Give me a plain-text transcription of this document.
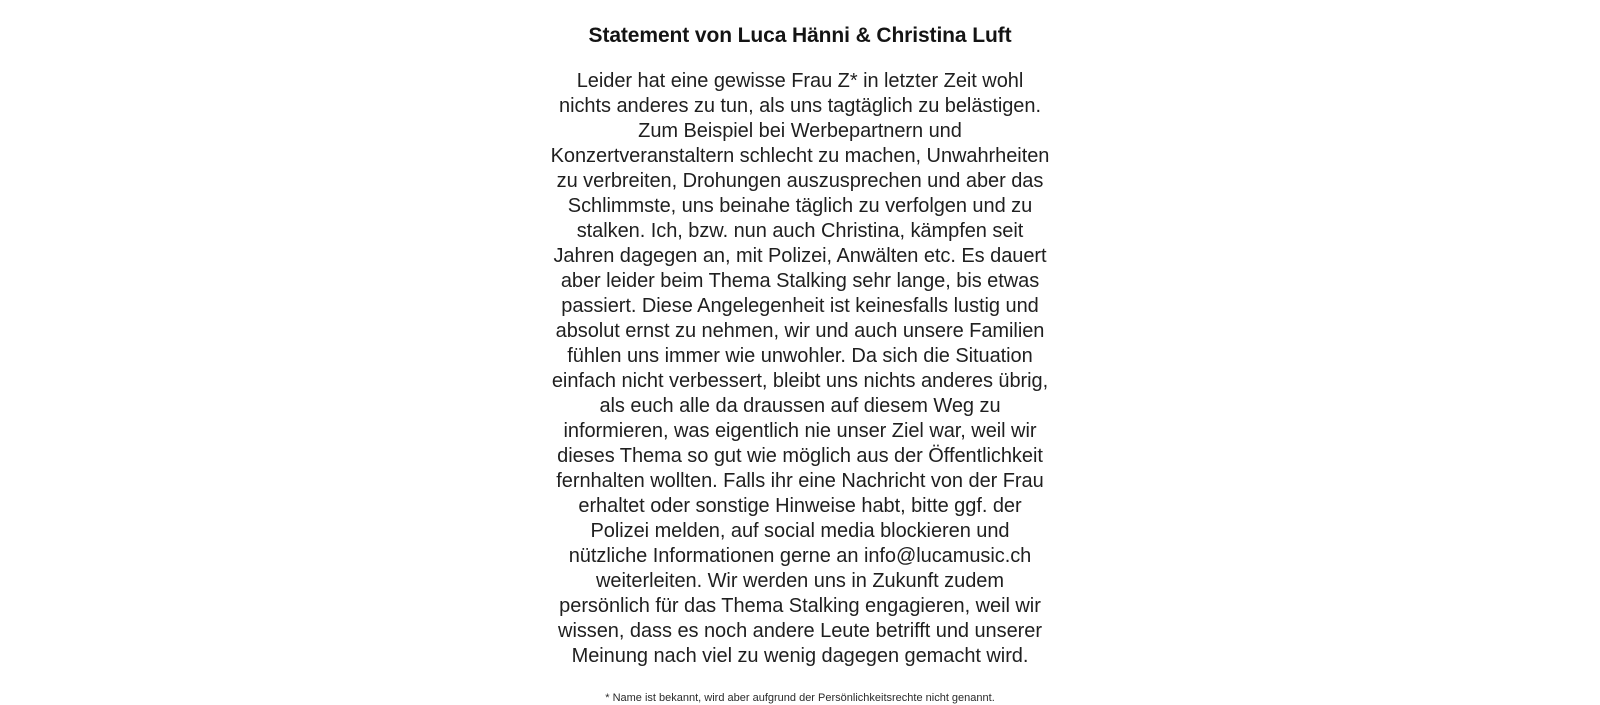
Statement von Luca Hänni & Christina Luft

Leider hat eine gewisse Frau Z* in letzter Zeit wohl nichts anderes zu tun, als uns tagtäglich zu belästigen. Zum Beispiel bei Werbepartnern und Konzertveranstaltern schlecht zu machen, Unwahrheiten zu verbreiten, Drohungen auszusprechen und aber das Schlimmste, uns beinahe täglich zu verfolgen und zu stalken. Ich, bzw. nun auch Christina, kämpfen seit Jahren dagegen an, mit Polizei, Anwälten etc. Es dauert aber leider beim Thema Stalking sehr lange, bis etwas passiert. Diese Angelegenheit ist keinesfalls lustig und absolut ernst zu nehmen, wir und auch unsere Familien fühlen uns immer wie unwohler. Da sich die Situation einfach nicht verbessert, bleibt uns nichts anderes übrig, als euch alle da draussen auf diesem Weg zu informieren, was eigentlich nie unser Ziel war, weil wir dieses Thema so gut wie möglich aus der Öffentlichkeit fernhalten wollten. Falls ihr eine Nachricht von der Frau erhaltet oder sonstige Hinweise habt, bitte ggf. der Polizei melden, auf social media blockieren und nützliche Informationen gerne an info@lucamusic.ch weiterleiten. Wir werden uns in Zukunft zudem persönlich für das Thema Stalking engagieren, weil wir wissen, dass es noch andere Leute betrifft und unserer Meinung nach viel zu wenig dagegen gemacht wird.

* Name ist bekannt, wird aber aufgrund der Persönlichkeitsrechte nicht genannt.
